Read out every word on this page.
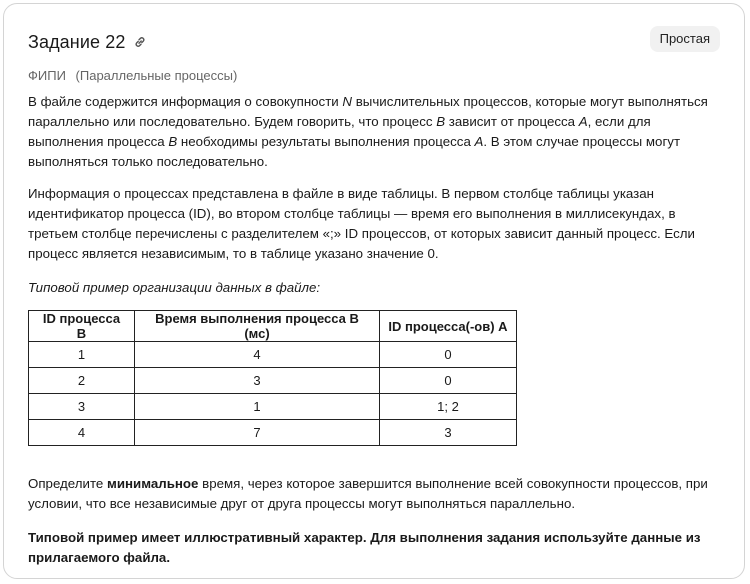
Задание 22	Простая
ФИПИ (Параллельные процессы)
В файле содержится информация о совокупности N вычислительных процессов, которые могут выполняться параллельно или последовательно. Будем говорить, что процесс B зависит от процесса A, если для выполнения процесса B необходимы результаты выполнения процесса A. В этом случае процессы могут выполняться только последовательно.
Информация о процессах представлена в файле в виде таблицы. В первом столбце таблицы указан идентификатор процесса (ID), во втором столбце таблицы — время его выполнения в миллисекундах, в третьем столбце перечислены с разделителем «;» ID процессов, от которых зависит данный процесс. Если процесс является независимым, то в таблице указано значение 0.
Типовой пример организации данных в файле:
ID процесса B	Время выполнения процесса B (мс)	ID процесса(-ов) A
1	4	0
2	3	0
3	1	1; 2
4	7	3
Определите минимальное время, через которое завершится выполнение всей совокупности процессов, при условии, что все независимые друг от друга процессы могут выполняться параллельно.
Типовой пример имеет иллюстративный характер. Для выполнения задания используйте данные из прилагаемого файла.
